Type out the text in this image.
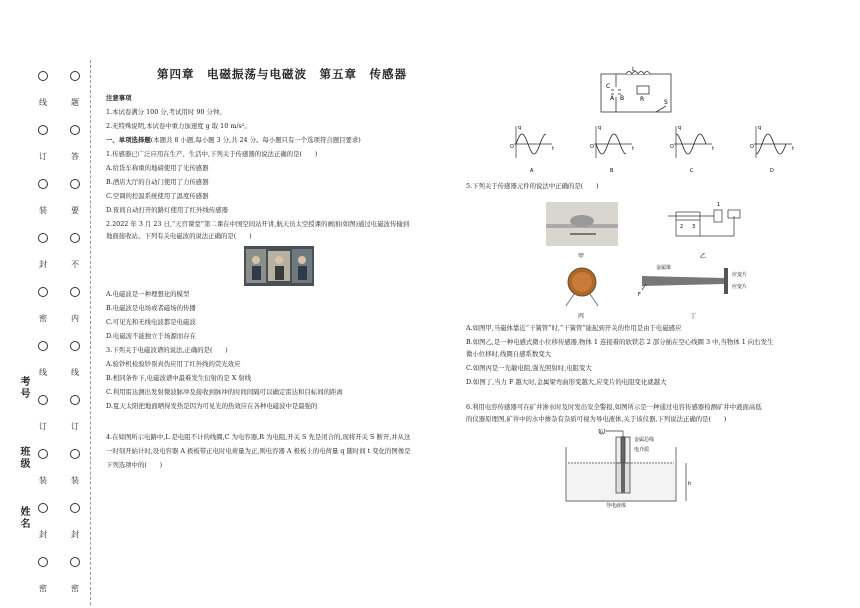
线
订
装
封
密
线
订
装
封
密
题
答
要
不
内
线
订
装
封
密
考号
班级
姓名
第四章　电磁振荡与电磁波　第五章　传感器

注意事项

1.本试卷满分 100 分,考试用时 90 分钟。

2.无特殊说明,本试卷中重力加速度 g 取 10 m/s²。

一、单项选择题(本题共 8 小题,每小题 3 分,共 24 分。每小题只有一个选项符合题目要求)

1.传感器已广泛应用在生产、生活中,下列关于传感器的说法正确的是(　　)

A.给货车称重的地磅使用了光传感器

B.酒店大厅的自动门使用了力传感器

C.空调的控温系统使用了温度传感器

D.夜间自动打开的路灯使用了红外线传感器

2.2022 年 3 月 23 日,“天宫课堂”第二课在中国空间站开讲,航天员太空授课的画面(如图)通过电磁波传输到

地面接收站。下列有关电磁波的说法正确的是(　　)

A.电磁波是一种理想化的模型

B.电磁波是电场或者磁场的传播

C.可见光和无线电波都是电磁波

D.电磁波不能独立于场源而存在

3.下列关于电磁波谱的说法,正确的是(　　)

A.验钞机检验钞票真伪应用了红外线的荧光效应

B.相同条件下,电磁波谱中最难发生衍射的是 X 射线

C.利用雷达测出发射微波脉冲及接收到脉冲的时间间隔可以确定雷达和目标间的距离

D.夏天太阳把地面晒得发热是因为可见光的热效应在各种电磁波中是最强的

4.在如图所示电路中,L 是电阻不计的线圈,C 为电容器,R 为电阻,开关 S 先是闭合的,现将开关 S 断开,并从这

一时刻开始计时,设电容器 A 极板带正电时电荷量为正,则电容器 A 极板上的电荷量 q 随时间 t 变化的图像是

下列选项中的(　　)

L
C
A B	R	S
q
t
O
A
q
t
O
B
q
t
O
C
q
t
O
D

5.下列关于传感器元件的说法中正确的是(　　)

甲
1
2 3
乙
丙
金属梁
应变片
应变片
F
丁

A.如图甲,当磁体靠近“干簧管”时,“干簧管”能起到开关的作用是由于电磁感应

B.如图乙,是一种电感式微小位移传感器,物体 1 连接着的软铁芯 2 部分插在空心线圈 3 中,当物体 1 向右发生

微小位移时,线圈自感系数变大

C.如图丙是一光敏电阻,强光照射时,电阻变大

D.如图丁,当力 F 越大时,金属梁弯曲形变越大,应变片的电阻变化就越大

6.利用电容传感器可在矿井渗水时及时发出安全警报,如图所示是一种通过电容传感器检测矿井中液面高低

的仪器原理图,矿井中的水中掺杂有杂质可视为导电液体,关于该仪器,下列说法正确的是(　　)

G
金属芯线
电介质
h
导电液体
